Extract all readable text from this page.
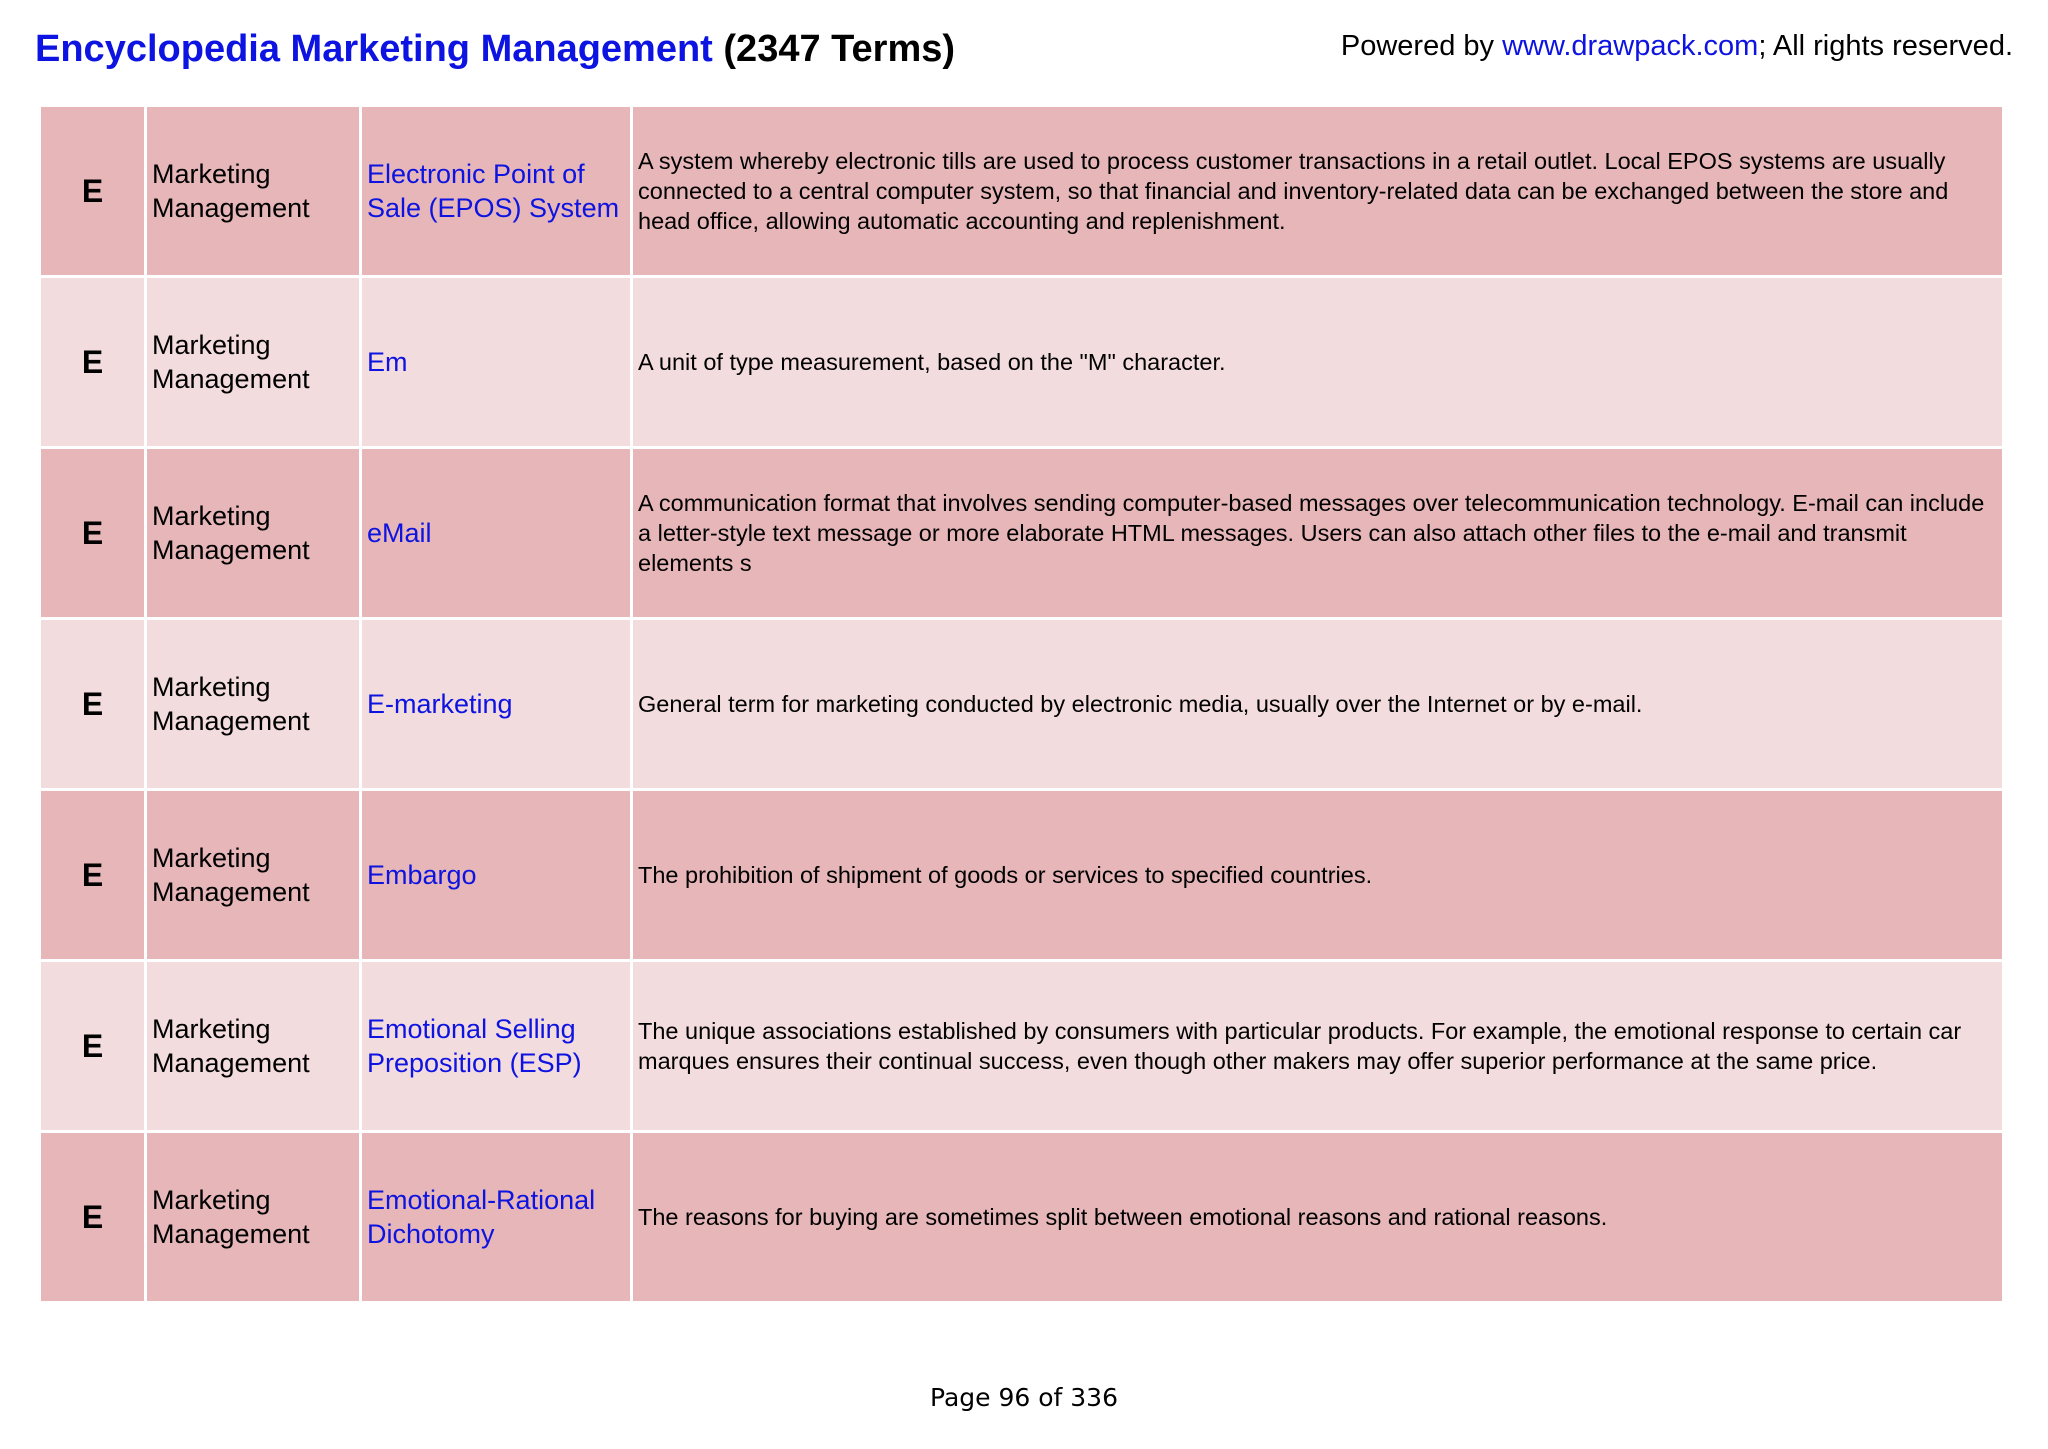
Encyclopedia Marketing Management (2347 Terms)	Powered by www.drawpack.com; All rights reserved.
E	Marketing Management	Electronic Point of Sale (EPOS) System	A system whereby electronic tills are used to process customer transactions in a retail outlet. Local EPOS systems are usually connected to a central computer system, so that financial and inventory-related data can be exchanged between the store and head office, allowing automatic accounting and replenishment.
E	Marketing Management	Em	A unit of type measurement, based on the "M" character.
E	Marketing Management	eMail	A communication format that involves sending computer-based messages over telecommunication technology. E-mail can include a letter-style text message or more elaborate HTML messages. Users can also attach other files to the e-mail and transmit elements s
E	Marketing Management	E-marketing	General term for marketing conducted by electronic media, usually over the Internet or by e-mail.
E	Marketing Management	Embargo	The prohibition of shipment of goods or services to specified countries.
E	Marketing Management	Emotional Selling Preposition (ESP)	The unique associations established by consumers with particular products. For example, the emotional response to certain car marques ensures their continual success, even though other makers may offer superior performance at the same price.
E	Marketing Management	Emotional-Rational Dichotomy	The reasons for buying are sometimes split between emotional reasons and rational reasons.
Page 96 of 336
